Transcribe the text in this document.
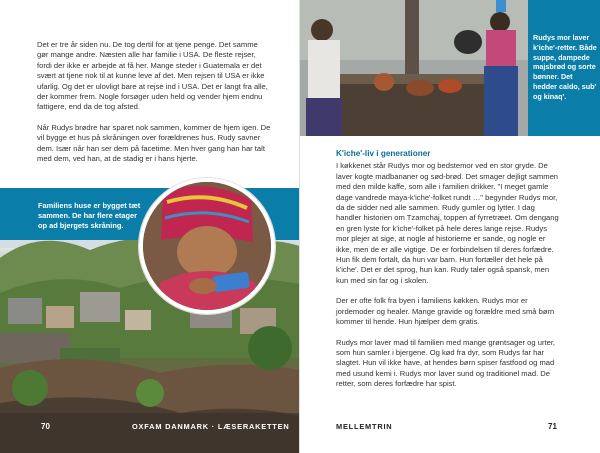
Det er tre år siden nu. De tog dertil for at tjene penge. Det samme gør mange andre. Næsten alle har familie i USA. De fleste rejser, fordi der ikke er arbejde at få her. Mange steder i Guatemala er det svært at tjene nok til at kunne leve af det. Men rejsen til USA er ikke ufarlig. Og det er ulovligt bare at rejse ind i USA. Det er langt fra alle, der kommer frem. Nogle forsøger uden held og vender hjem endnu fattigere, end da de tog afsted.

Når Rudys brødre har sparet nok sammen, kommer de hjem igen. De vil bygge et hus på skråningen over forældrenes hus. Rudy savner dem. Især når han ser dem på facetime. Men hver gang han har talt med dem, ved han, at de stadig er i hans hjerte.

Familiens huse er bygget tæt sammen. De har flere etager op ad bjergets skråning.
70	OXFAM DANMARK · LÆSERAKETTEN
Rudys mor laver k'iche'-retter. Både suppe, dampede majsbrød og sorte bønner. Det hedder caldo, sub' og kinaq'.
K'iche'-liv i generationer

I køkkenet står Rudys mor og bedstemor ved en stor gryde. De laver kogte madbananer og sød-brød. Det smager dejligt sammen med den milde kaffe, som alle i familien drikker. "I meget gamle dage vandrede maya-k'iche'-folket rundt …" begynder Rudys mor, da de sidder ned alle sammen. Rudy gumler og lytter. I dag handler historien om Tzamchaj, toppen af fyrretræet. Om dengang en gren lyste for k'iche'-folket på hele deres lange rejse. Rudys mor plejer at sige, at nogle af historierne er sande, og nogle er ikke, men de er alle vigtige. De er forbindelsen til deres forfædre. Hun fik dem fortalt, da hun var barn. Hun fortæller det hele på k'iche'. Det er det sprog, hun kan. Rudy taler også spansk, men kun med sin far og i skolen.

Der er ofte folk fra byen i familiens køkken. Rudys mor er jordemoder og healer. Mange gravide og forældre med små børn kommer til hende. Hun hjælper dem gratis.

Rudys mor laver mad til familien med mange grøntsager og urter, som hun samler i bjergene. Og kød fra dyr, som Rudys far har slagtet. Hun vil ikke have, at hendes børn spiser fastfood og mad med usund kemi i. Rudys mor laver sund og traditionel mad. De retter, som deres forfædre har spist.

MELLEMTRIN	71
